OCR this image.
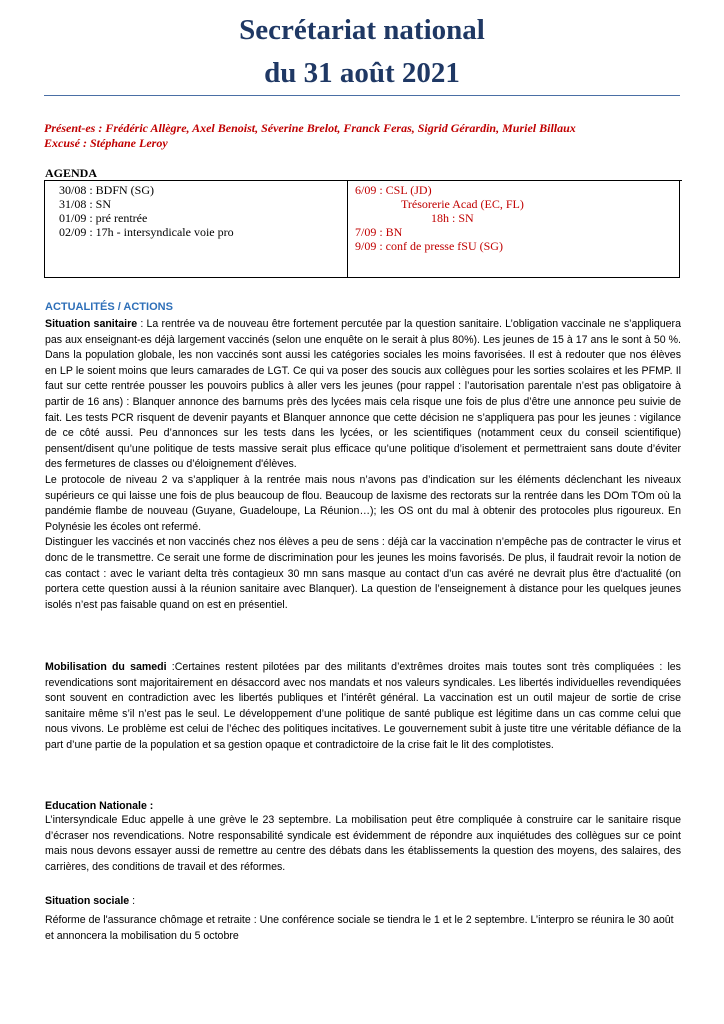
Secrétariat national
du 31 août 2021
Présent-es : Frédéric Allègre, Axel Benoist, Séverine Brelot, Franck Feras, Sigrid Gérardin, Muriel Billaux
Excusé : Stéphane Leroy
AGENDA
30/08 : BDFN (SG)
31/08 : SN
01/09 : pré rentrée
02/09 : 17h - intersyndicale voie pro
6/09 : CSL (JD)
Trésorerie Acad (EC, FL)
18h : SN
7/09 : BN
9/09 : conf de presse fSU (SG)
ACTUALITÉS / ACTIONS
Situation sanitaire : La rentrée va de nouveau être fortement percutée par la question sanitaire. L’obligation vaccinale ne s’appliquera pas aux enseignant-es déjà largement vaccinés (selon une enquête on le serait à plus 80%). Les jeunes de 15 à 17 ans le sont à 50 %. Dans la population globale, les non vaccinés sont aussi les catégories sociales les moins favorisées. Il est à redouter que nos élèves en LP le soient moins que leurs camarades de LGT. Ce qui va poser des soucis aux collègues pour les sorties scolaires et les PFMP. Il faut sur cette rentrée pousser les pouvoirs publics à aller vers les jeunes (pour rappel : l’autorisation parentale n’est pas obligatoire à partir de 16 ans) : Blanquer annonce des barnums près des lycées mais cela risque une fois de plus d’être une annonce peu suivie de fait. Les tests PCR risquent de devenir payants et Blanquer annonce que cette décision ne s’appliquera pas pour les jeunes : vigilance de ce côté aussi. Peu d’annonces sur les tests dans les lycées, or les scientifiques (notamment ceux du conseil scientifique) pensent/disent qu’une politique de tests massive serait plus efficace qu’une politique d’isolement et permettraient sans doute d’éviter des fermetures de classes ou d’éloignement d'élèves.
Le protocole de niveau 2 va s’appliquer à la rentrée mais nous n’avons pas d’indication sur les éléments déclenchant les niveaux supérieurs ce qui laisse une fois de plus beaucoup de flou. Beaucoup de laxisme des rectorats sur la rentrée dans les DOm TOm où la pandémie flambe de nouveau (Guyane, Guadeloupe, La Réunion…); les OS ont du mal à obtenir des protocoles plus rigoureux. En Polynésie les écoles ont refermé.
Distinguer les vaccinés et non vaccinés chez nos élèves a peu de sens : déjà car la vaccination n’empêche pas de contracter le virus et donc de le transmettre. Ce serait une forme de discrimination pour les jeunes les moins favorisés. De plus, il faudrait revoir la notion de cas contact : avec le variant delta très contagieux 30 mn sans masque au contact d’un cas avéré ne devrait plus être d'actualité (on portera cette question aussi à la réunion sanitaire avec Blanquer). La question de l’enseignement à distance pour les quelques jeunes isolés n’est pas faisable quand on est en présentiel.
Mobilisation du samedi :Certaines restent pilotées par des militants d’extrêmes droites mais toutes sont très compliquées : les revendications sont majoritairement en désaccord avec nos mandats et nos valeurs syndicales. Les libertés individuelles revendiquées sont souvent en contradiction avec les libertés publiques et l’intérêt général. La vaccination est un outil majeur de sortie de crise sanitaire même s’il n’est pas le seul. Le développement d’une politique de santé publique est légitime dans un cas comme celui que nous vivons. Le problème est celui de l’échec des politiques incitatives. Le gouvernement subit à juste titre une véritable défiance de la part d’une partie de la population et sa gestion opaque et contradictoire de la crise fait le lit des complotistes.
Education Nationale :
L’intersyndicale Educ appelle à une grève le 23 septembre. La mobilisation peut être compliquée à construire car le sanitaire risque d’écraser nos revendications. Notre responsabilité syndicale est évidemment de répondre aux inquiétudes des collègues sur ce point mais nous devons essayer aussi de remettre au centre des débats dans les établissements la question des moyens, des salaires, des carrières, des conditions de travail et des réformes.
Situation sociale :
Réforme de l'assurance chômage et retraite : Une conférence sociale se tiendra le 1 et le 2 septembre. L’interpro se réunira le 30 août et annoncera la mobilisation du 5 octobre
